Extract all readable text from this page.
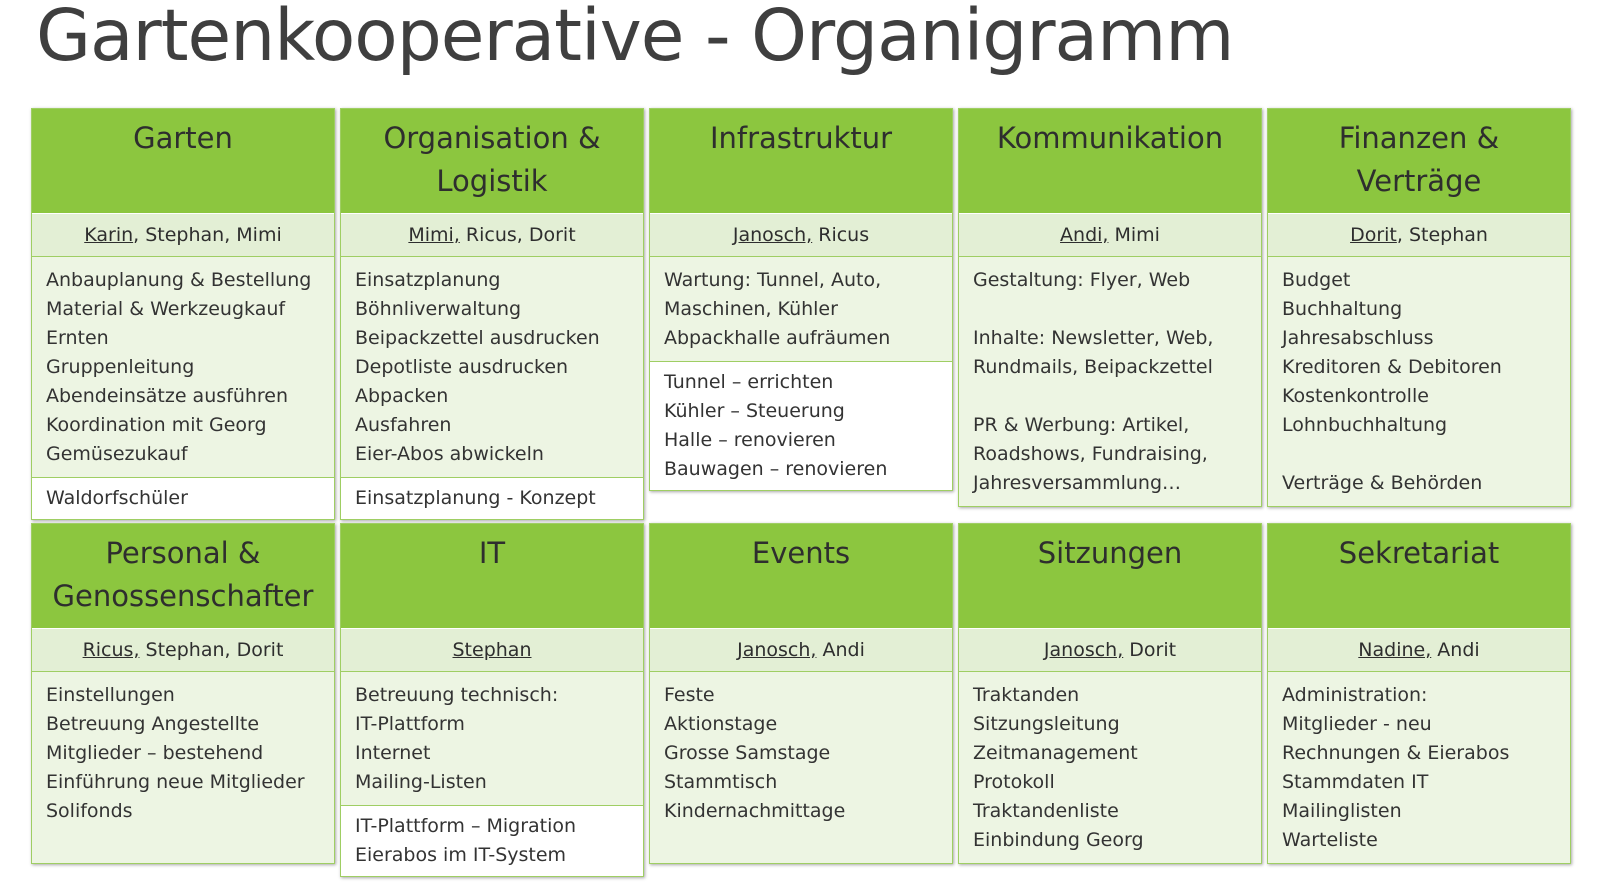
Gartenkooperative - Organigramm
Garten
Karin, Stephan, Mimi
Anbauplanung & Bestellung
Material & Werkzeugkauf
Ernten
Gruppenleitung
Abendeinsätze ausführen
Koordination mit Georg
Gemüsezukauf
Waldorfschüler
Organisation &
Logistik
Mimi, Ricus, Dorit
Einsatzplanung
Böhnliverwaltung
Beipackzettel ausdrucken
Depotliste ausdrucken
Abpacken
Ausfahren
Eier-Abos abwickeln
Einsatzplanung - Konzept
Infrastruktur
Janosch, Ricus
Wartung: Tunnel, Auto,
Maschinen, Kühler
Abpackhalle aufräumen
Tunnel – errichten
Kühler – Steuerung
Halle – renovieren
Bauwagen – renovieren
Kommunikation
Andi, Mimi
Gestaltung: Flyer, Web
Inhalte: Newsletter, Web,
Rundmails, Beipackzettel
PR & Werbung: Artikel,
Roadshows, Fundraising,
Jahresversammlung…
Finanzen &
Verträge
Dorit, Stephan
Budget
Buchhaltung
Jahresabschluss
Kreditoren & Debitoren
Kostenkontrolle
Lohnbuchhaltung
Verträge & Behörden
Personal &
Genossenschafter
Ricus, Stephan, Dorit
Einstellungen
Betreuung Angestellte
Mitglieder – bestehend
Einführung neue Mitglieder
Solifonds
IT
Stephan
Betreuung technisch:
IT-Plattform
Internet
Mailing-Listen
IT-Plattform – Migration
Eierabos im IT-System
Events
Janosch, Andi
Feste
Aktionstage
Grosse Samstage
Stammtisch
Kindernachmittage
Sitzungen
Janosch, Dorit
Traktanden
Sitzungsleitung
Zeitmanagement
Protokoll
Traktandenliste
Einbindung Georg
Sekretariat
Nadine, Andi
Administration:
Mitglieder - neu
Rechnungen & Eierabos
Stammdaten IT
Mailinglisten
Warteliste
